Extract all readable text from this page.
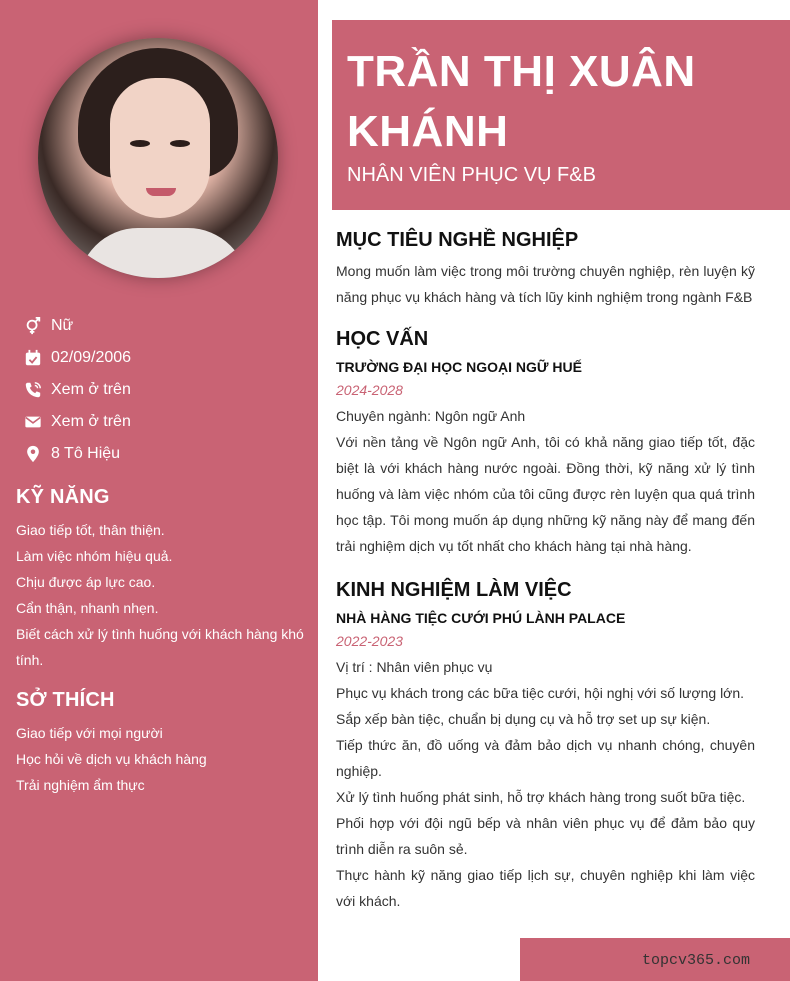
Nữ
02/09/2006
Xem ở trên
Xem ở trên
8 Tô Hiệu
KỸ NĂNG
Giao tiếp tốt, thân thiện.
Làm việc nhóm hiệu quả.
Chịu được áp lực cao.
Cẩn thận, nhanh nhẹn.
Biết cách xử lý tình huống với khách hàng khó tính.
SỞ THÍCH
Giao tiếp với mọi người
Học hỏi về dịch vụ khách hàng
Trải nghiệm ẩm thực
TRẦN THỊ XUÂN KHÁNH
NHÂN VIÊN PHỤC VỤ F&B
MỤC TIÊU NGHỀ NGHIỆP
Mong muốn làm việc trong môi trường chuyên nghiệp, rèn luyện kỹ năng phục vụ khách hàng và tích lũy kinh nghiệm trong ngành F&B
HỌC VẤN
TRƯỜNG ĐẠI HỌC NGOẠI NGỮ HUẾ
2024-2028
Chuyên ngành: Ngôn ngữ Anh
Với nền tảng về Ngôn ngữ Anh, tôi có khả năng giao tiếp tốt, đặc biệt là với khách hàng nước ngoài. Đồng thời, kỹ năng xử lý tình huống và làm việc nhóm của tôi cũng được rèn luyện qua quá trình học tập. Tôi mong muốn áp dụng những kỹ năng này để mang đến trải nghiệm dịch vụ tốt nhất cho khách hàng tại nhà hàng.
KINH NGHIỆM LÀM VIỆC
NHÀ HÀNG TIỆC CƯỚI PHÚ LÀNH PALACE
2022-2023
Vị trí : Nhân viên phục vụ
Phục vụ khách trong các bữa tiệc cưới, hội nghị với số lượng lớn.
Sắp xếp bàn tiệc, chuẩn bị dụng cụ và hỗ trợ set up sự kiện.
Tiếp thức ăn, đồ uống và đảm bảo dịch vụ nhanh chóng, chuyên nghiệp.
Xử lý tình huống phát sinh, hỗ trợ khách hàng trong suốt bữa tiệc.
Phối hợp với đội ngũ bếp và nhân viên phục vụ để đảm bảo quy trình diễn ra suôn sẻ.
Thực hành kỹ năng giao tiếp lịch sự, chuyên nghiệp khi làm việc với khách.
topcv365.com
